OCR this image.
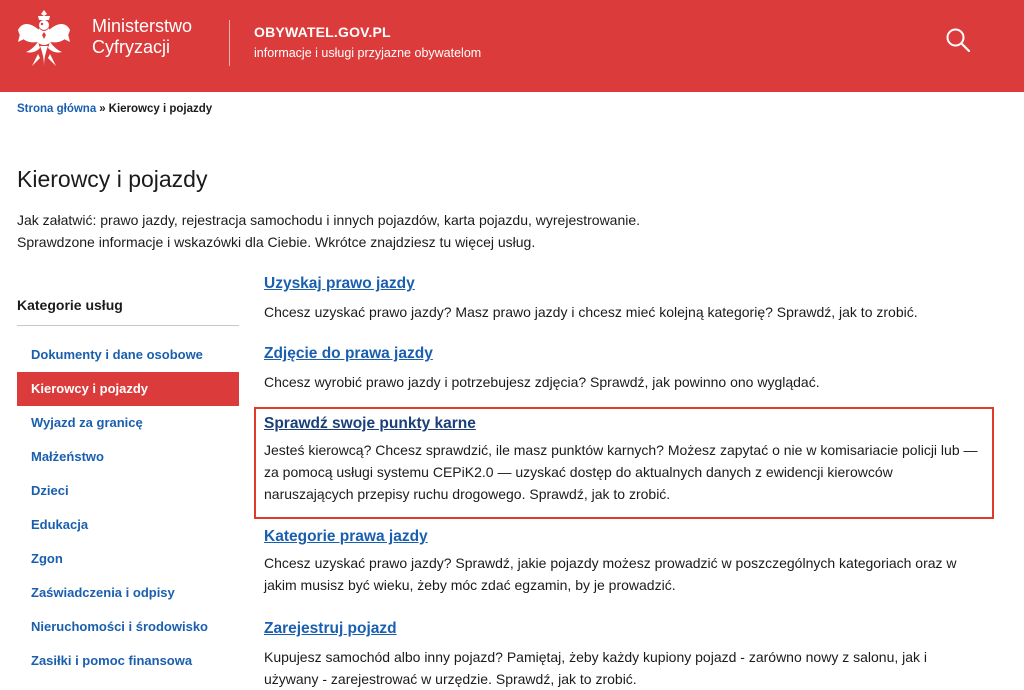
Ministerstwo
Cyfryzacji
OBYWATEL.GOV.PL
informacje i usługi przyjazne obywatelom
Strona główna » Kierowcy i pojazdy
Kierowcy i pojazdy

Jak załatwić: prawo jazdy, rejestracja samochodu i innych pojazdów, karta pojazdu, wyrejestrowanie.
Sprawdzone informacje i wskazówki dla Ciebie. Wkrótce znajdziesz tu więcej usług.

Kategorie usług
Dokumenty i dane osobowe
Kierowcy i pojazdy
Wyjazd za granicę
Małżeństwo
Dzieci
Edukacja
Zgon
Zaświadczenia i odpisy
Nieruchomości i środowisko
Zasiłki i pomoc finansowa
Uzyskaj prawo jazdy

Chcesz uzyskać prawo jazdy? Masz prawo jazdy i chcesz mieć kolejną kategorię? Sprawdź, jak to zrobić.

Zdjęcie do prawa jazdy

Chcesz wyrobić prawo jazdy i potrzebujesz zdjęcia? Sprawdź, jak powinno ono wyglądać.

Sprawdź swoje punkty karne

Jesteś kierowcą? Chcesz sprawdzić, ile masz punktów karnych? Możesz zapytać o nie w komisariacie policji lub — za pomocą usługi systemu CEPiK2.0 — uzyskać dostęp do aktualnych danych z ewidencji kierowców naruszających przepisy ruchu drogowego. Sprawdź, jak to zrobić.

Kategorie prawa jazdy

Chcesz uzyskać prawo jazdy? Sprawdź, jakie pojazdy możesz prowadzić w poszczególnych kategoriach oraz w jakim musisz być wieku, żeby móc zdać egzamin, by je prowadzić.

Zarejestruj pojazd

Kupujesz samochód albo inny pojazd? Pamiętaj, żeby każdy kupiony pojazd - zarówno nowy z salonu, jak i używany - zarejestrować w urzędzie. Sprawdź, jak to zrobić.
